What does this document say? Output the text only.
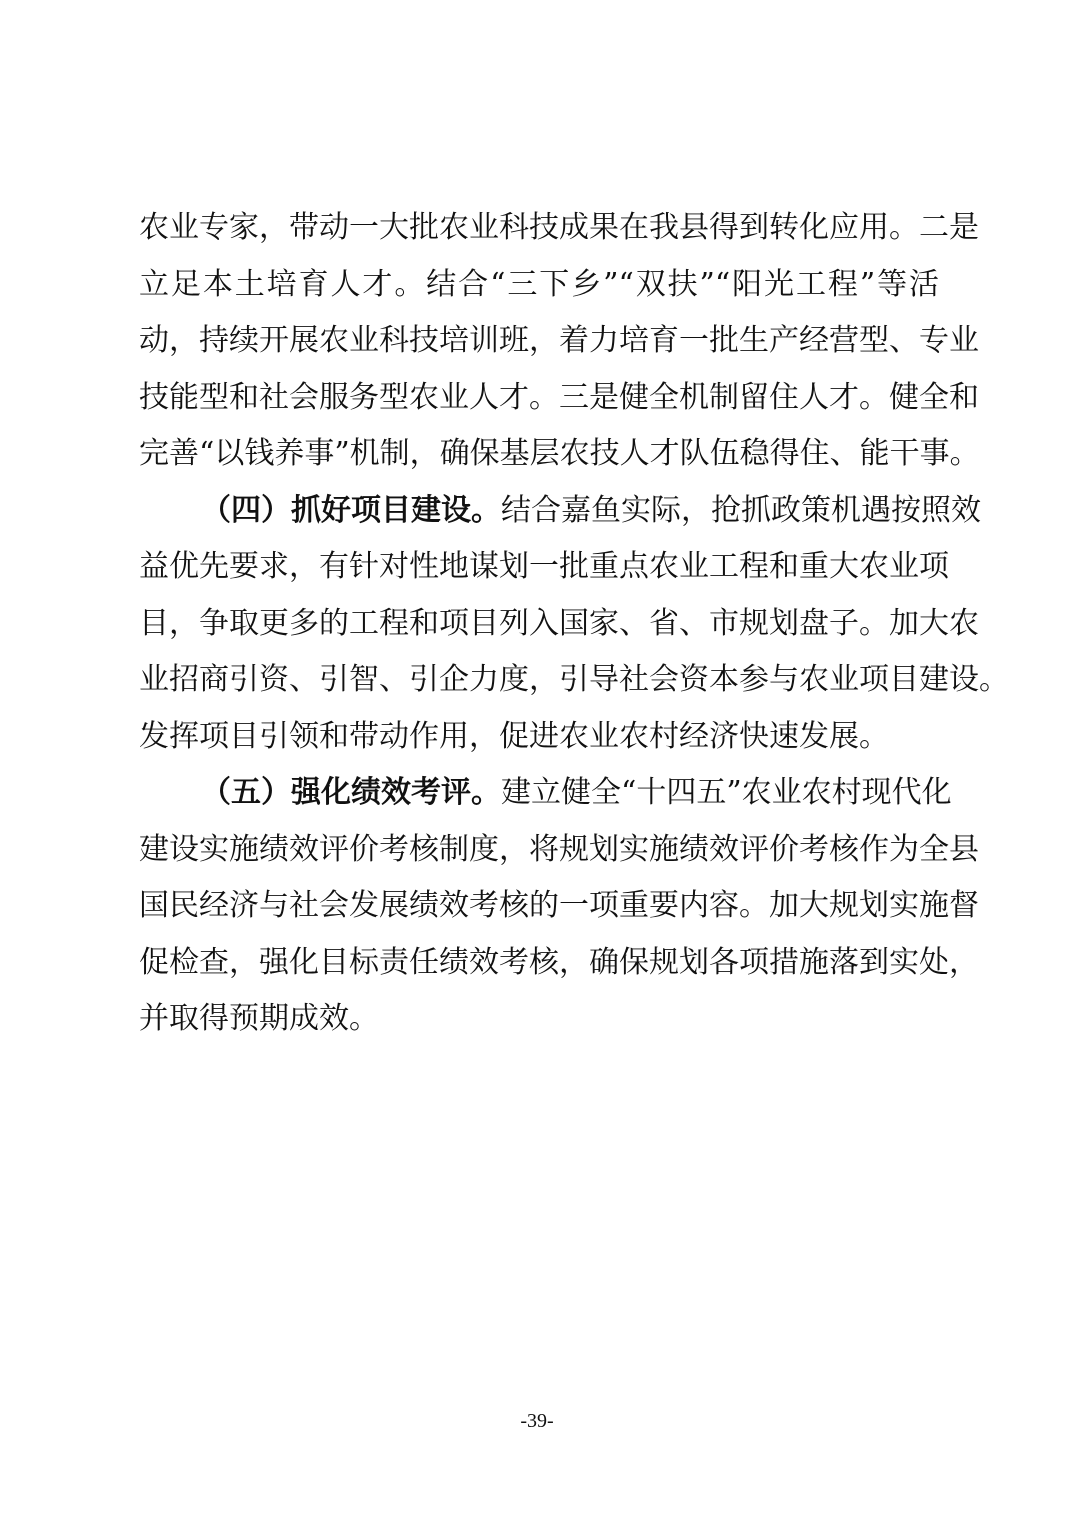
农业专家，带动一大批农业科技成果在我县得到转化应用。二是
立足本土培育人才。结合“三下乡”“双扶”“阳光工程”等活
动，持续开展农业科技培训班，着力培育一批生产经营型、专业
技能型和社会服务型农业人才。三是健全机制留住人才。健全和
完善“以钱养事”机制，确保基层农技人才队伍稳得住、能干事。
（四）抓好项目建设。结合嘉鱼实际，抢抓政策机遇按照效
益优先要求，有针对性地谋划一批重点农业工程和重大农业项
目，争取更多的工程和项目列入国家、省、市规划盘子。加大农
业招商引资、引智、引企力度，引导社会资本参与农业项目建设。
发挥项目引领和带动作用，促进农业农村经济快速发展。
（五）强化绩效考评。建立健全“十四五”农业农村现代化
建设实施绩效评价考核制度，将规划实施绩效评价考核作为全县
国民经济与社会发展绩效考核的一项重要内容。加大规划实施督
促检查，强化目标责任绩效考核，确保规划各项措施落到实处，
并取得预期成效。
-39-
